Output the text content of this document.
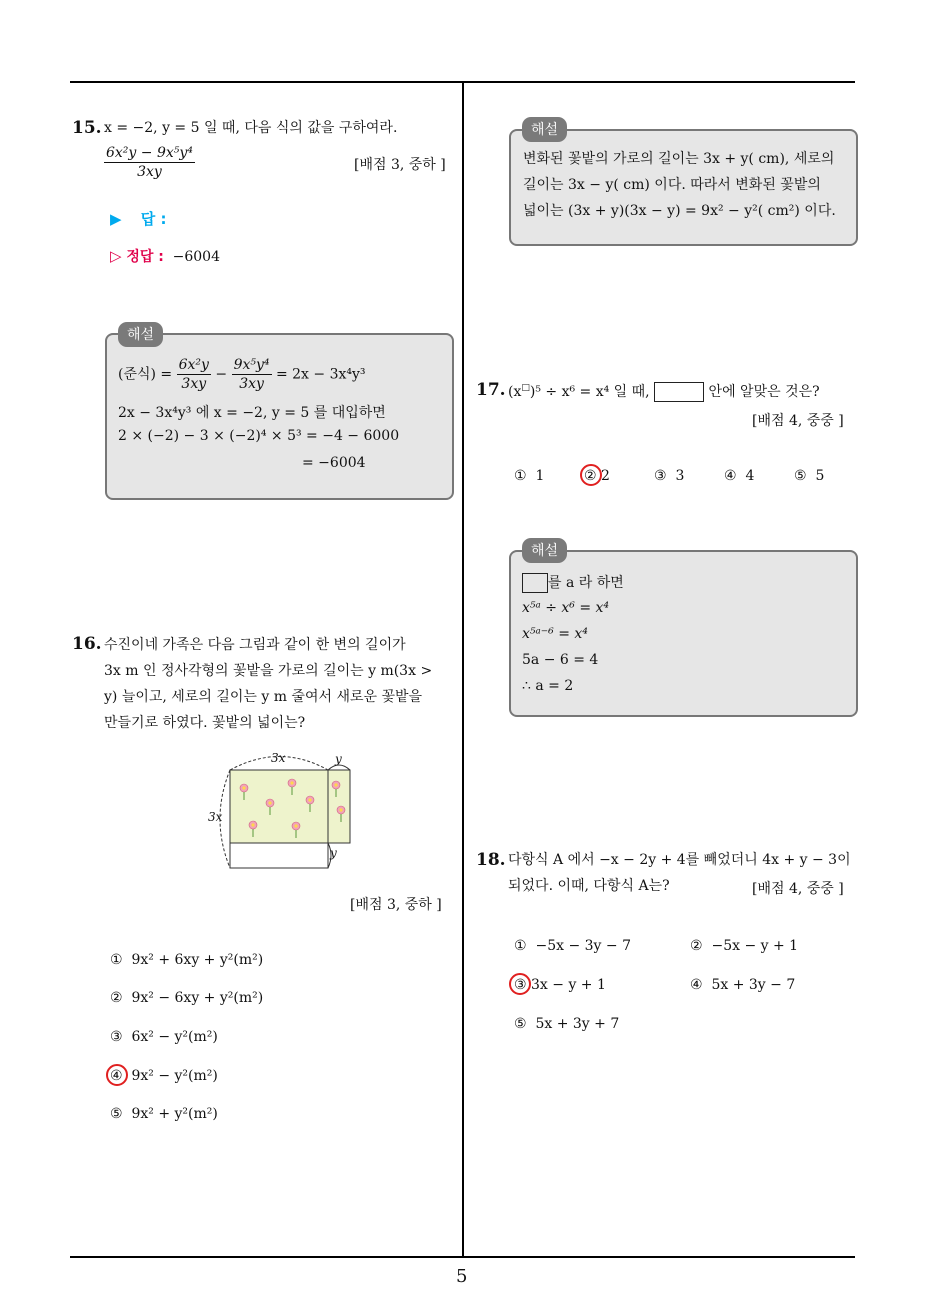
5
15. x = −2, y = 5 일 때, 다음 식의 값을 구하여라.
$\frac{\text{6x²y − 9x⁵y⁴}}{3xy}$	[배점 3, 중하 ]
▶ 답 :
▷ 정답 : −6004
해설
(준식) = $\frac{\text{6x²y}}{3xy} - \frac{\text{9x⁵y⁴}}{3xy} = 2x - 3x^4y^3$
2x − 3x⁴y³ 에 x = −2, y = 5 를 대입하면
2 × (−2) − 3 × (−2)⁴ × 5³ = −4 − 6000
= −6004
16. 수진이네 가족은 다음 그림과 같이 한 변의 길이가
3x m 인 정사각형의 꽃밭을 가로의 길이는 y m(3x >
y) 늘이고, 세로의 길이는 y m 줄여서 새로운 꽃밭을
만들기로 하였다. 꽃밭의 넓이는?
3x
3x
y
y
[배점 3, 중하 ]
① 9x² + 6xy + y²(m²)
② 9x² − 6xy + y²(m²)
③ 6x² − y²(m²)
④ 9x² − y²(m²)
⑤ 9x² + y²(m²)
해설
변화된 꽃밭의 가로의 길이는 3x + y( cm), 세로의
길이는 3x − y( cm) 이다. 따라서 변화된 꽃밭의
넓이는 (3x + y)(3x − y) = 9x² − y²( cm²) 이다.
17. (x□)⁵ ÷ x⁶ = x⁴ 일 때,	안에 알맞은 것은?
[배점 4, 중중 ]
① 1	② 2	③ 3	④ 4	⑤ 5
해설
를 a 라 하면
x⁵ᵃ ÷ x⁶ = x⁴
x⁵ᵃ⁻⁶ = x⁴
5a − 6 = 4
∴ a = 2
18. 다항식 A 에서 −x − 2y + 4를 빼었더니 4x + y − 3이
되었다. 이때, 다항식 A는?	[배점 4, 중중 ]
① −5x − 3y − 7	② −5x − y + 1
③ 3x − y + 1	④ 5x + 3y − 7
⑤ 5x + 3y + 7
